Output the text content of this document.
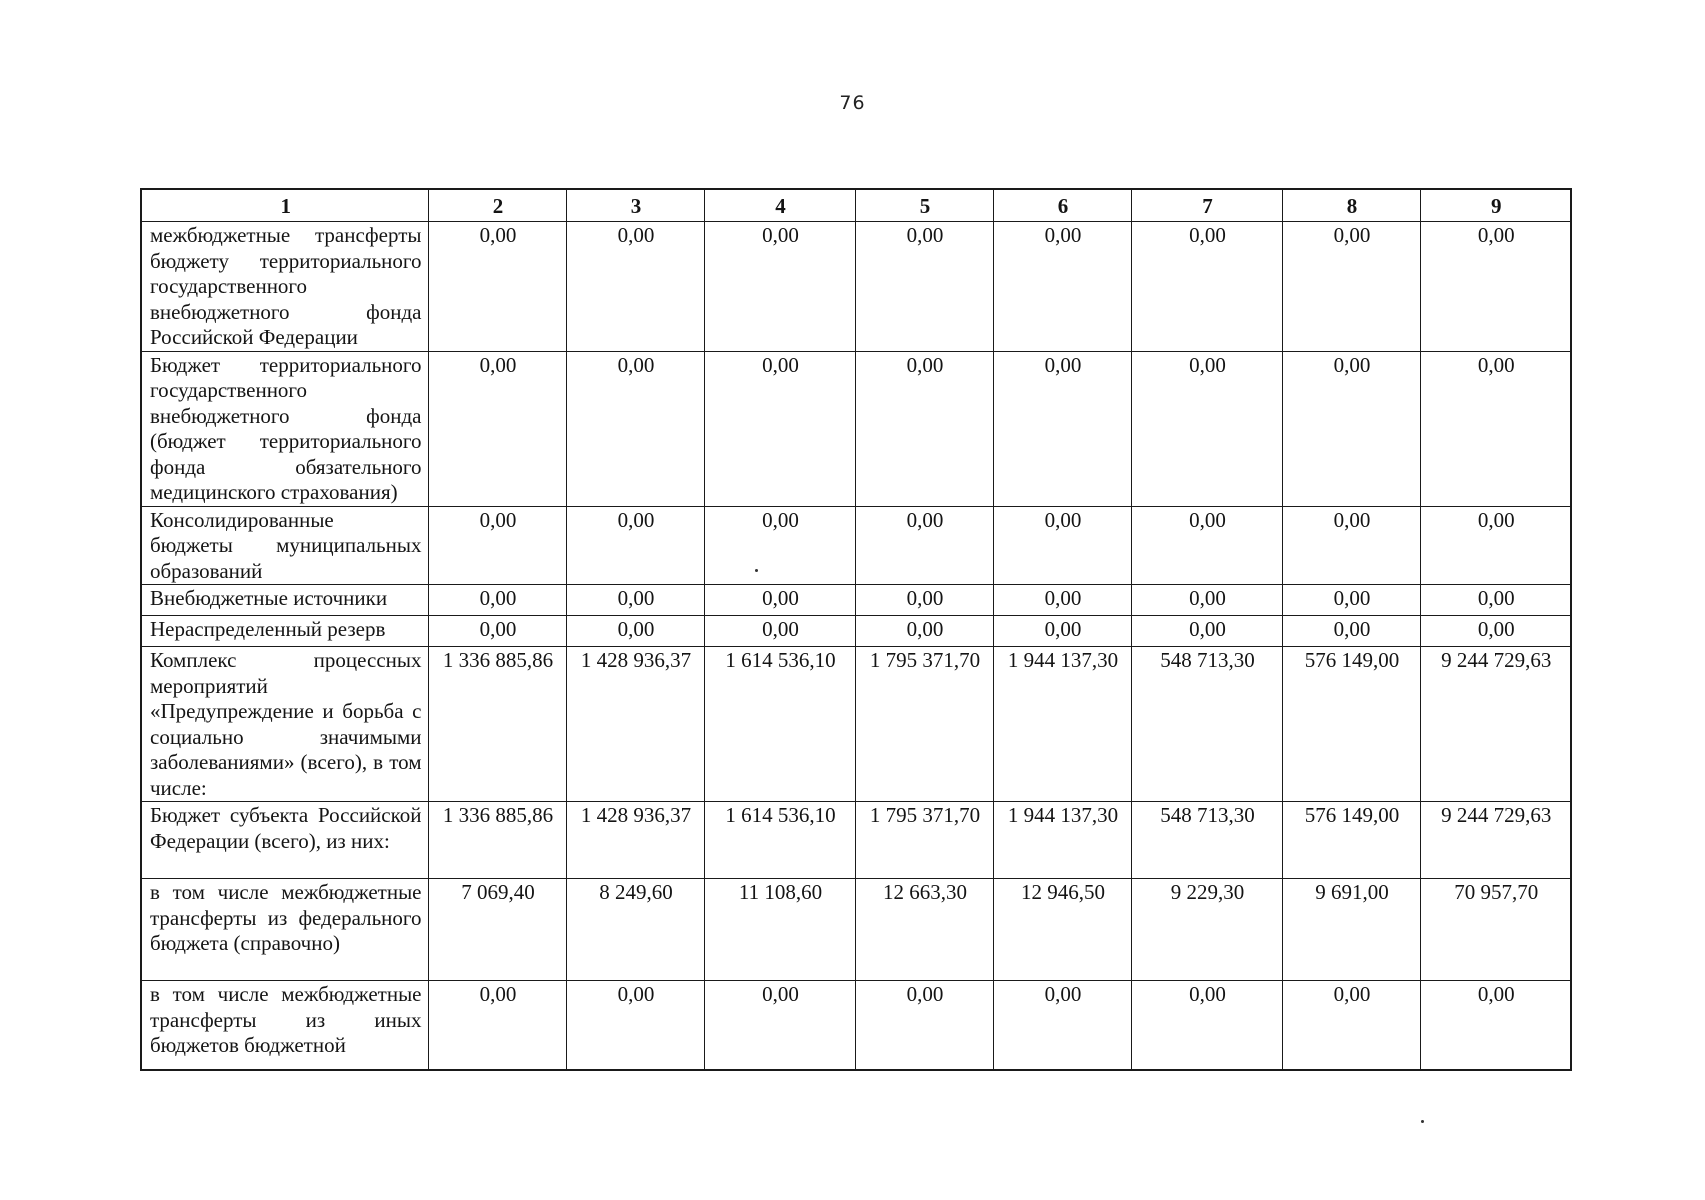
76
1	2	3	4	5	6	7	8	9
межбюджетные трансферты бюджету территориального государственного внебюджетного фонда Российской Федерации	0,00	0,00	0,00	0,00	0,00	0,00	0,00	0,00
Бюджет территориального государственного внебюджетного фонда (бюджет территориального фонда обязательного медицинского страхования)	0,00	0,00	0,00	0,00	0,00	0,00	0,00	0,00
Консолидированные бюджеты муниципальных образований	0,00	0,00	0,00	0,00	0,00	0,00	0,00	0,00
Внебюджетные источники	0,00	0,00	0,00	0,00	0,00	0,00	0,00	0,00
Нераспределенный резерв	0,00	0,00	0,00	0,00	0,00	0,00	0,00	0,00
Комплекс процессных мероприятий «Предупреждение и борьба с социально значимыми заболеваниями» (всего), в том числе:	1 336 885,86	1 428 936,37	1 614 536,10	1 795 371,70	1 944 137,30	548 713,30	576 149,00	9 244 729,63
Бюджет субъекта Российской Федерации (всего), из них:	1 336 885,86	1 428 936,37	1 614 536,10	1 795 371,70	1 944 137,30	548 713,30	576 149,00	9 244 729,63
в том числе межбюджетные трансферты из федерального бюджета (справочно)	7 069,40	8 249,60	11 108,60	12 663,30	12 946,50	9 229,30	9 691,00	70 957,70
в том числе межбюджетные трансферты из иных бюджетов бюджетной	0,00	0,00	0,00	0,00	0,00	0,00	0,00	0,00
